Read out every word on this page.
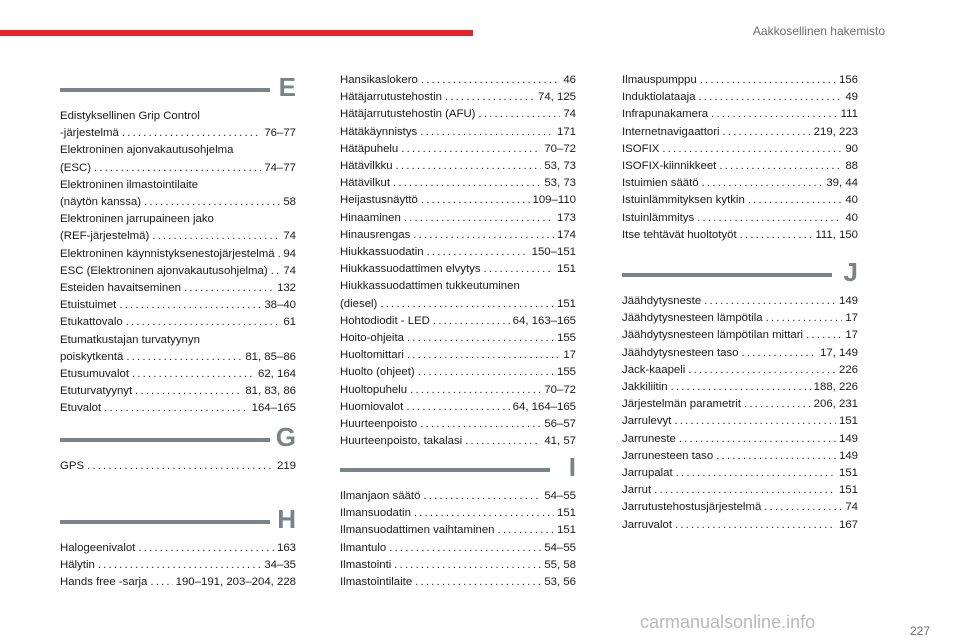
Aakkosellinen hakemisto
E
Edistyksellinen Grip Control
-järjestelmä . . .	76–77
Elektroninen ajonvakautusohjelma
(ESC) . . .	74–77
Elektroninen ilmastointilaite
(näytön kanssa) . . .	58
Elektroninen jarrupaineen jako
(REF-järjestelmä) . . .	74
Elektroninen käynnistyksenestojärjestelmä . . . 94
ESC (Elektroninen ajonvakautusohjelma) . . . 74
Esteiden havaitseminen . . .	132
Etuistuimet . . .	38–40
Etukattovalo . . .	61
Etumatkustajan turvatyynyn
poiskytkentä . . .	81, 85–86
Etusumuvalot . . .	62, 164
Etuturvatyynyt . . .	81, 83, 86
Etuvalot . . .	164–165
G
GPS . . .	219
H
Halogeenivalot . . .	163
Hälytin . . .	34–35
Hands free -sarja . . . 190–191, 203–204, 228
Hansikaslokero . . .	46
Hätäjarrutustehostin . . .	74, 125
Hätäjarrutustehostin (AFU) . . .	74
Hätäkäynnistys . . .	171
Hätäpuhelu . . .	70–72
Hätävilkku . . .	53, 73
Hätävilkut . . .	53, 73
Heijastusnäyttö . . .	109–110
Hinaaminen . . .	173
Hinausrengas . . .	174
Hiukkassuodatin . . .	150–151
Hiukkassuodattimen elvytys . . .	151
Hiukkassuodattimen tukkeutuminen
(diesel) . . .	151
Hohtodiodit - LED . . .	64, 163–165
Hoito-ohjeita . . .	155
Huoltomittari . . .	17
Huolto (ohjeet) . . .	155
Huoltopuhelu . . .	70–72
Huomiovalot . . .	64, 164–165
Huurteenpoisto . . .	56–57
Huurteenpoisto, takalasi . . .	41, 57
I
Ilmanjaon säätö . . .	54–55
Ilmansuodatin . . .	151
Ilmansuodattimen vaihtaminen . . .	151
Ilmantulo . . .	54–55
Ilmastointi . . .	55, 58
Ilmastointilaite . . .	53, 56
Ilmauspumppu . . .	156
Induktiolataaja . . .	49
Infrapunakamera . . .	111
Internetnavigaattori . . .	219, 223
ISOFIX . . .	90
ISOFIX-kiinnikkeet . . .	88
Istuimien säätö . . .	39, 44
Istuinlämmityksen kytkin . . .	40
Istuinlämmitys . . .	40
Itse tehtävät huoltotyöt . . .	111, 150
J
Jäähdytysneste . . .	149
Jäähdytysnesteen lämpötila . . .	17
Jäähdytysnesteen lämpötilan mittari . . .	17
Jäähdytysnesteen taso . . .	17, 149
Jack-kaapeli . . .	226
Jakkiliitin . . .	188, 226
Järjestelmän parametrit . . .	206, 231
Jarrulevyt . . .	151
Jarruneste . . .	149
Jarrunesteen taso . . .	149
Jarrupalat . . .	151
Jarrut . . .	151
Jarrutustehostusjärjestelmä . . .	74
Jarruvalot . . .	167
227
carmanualsonline.info
